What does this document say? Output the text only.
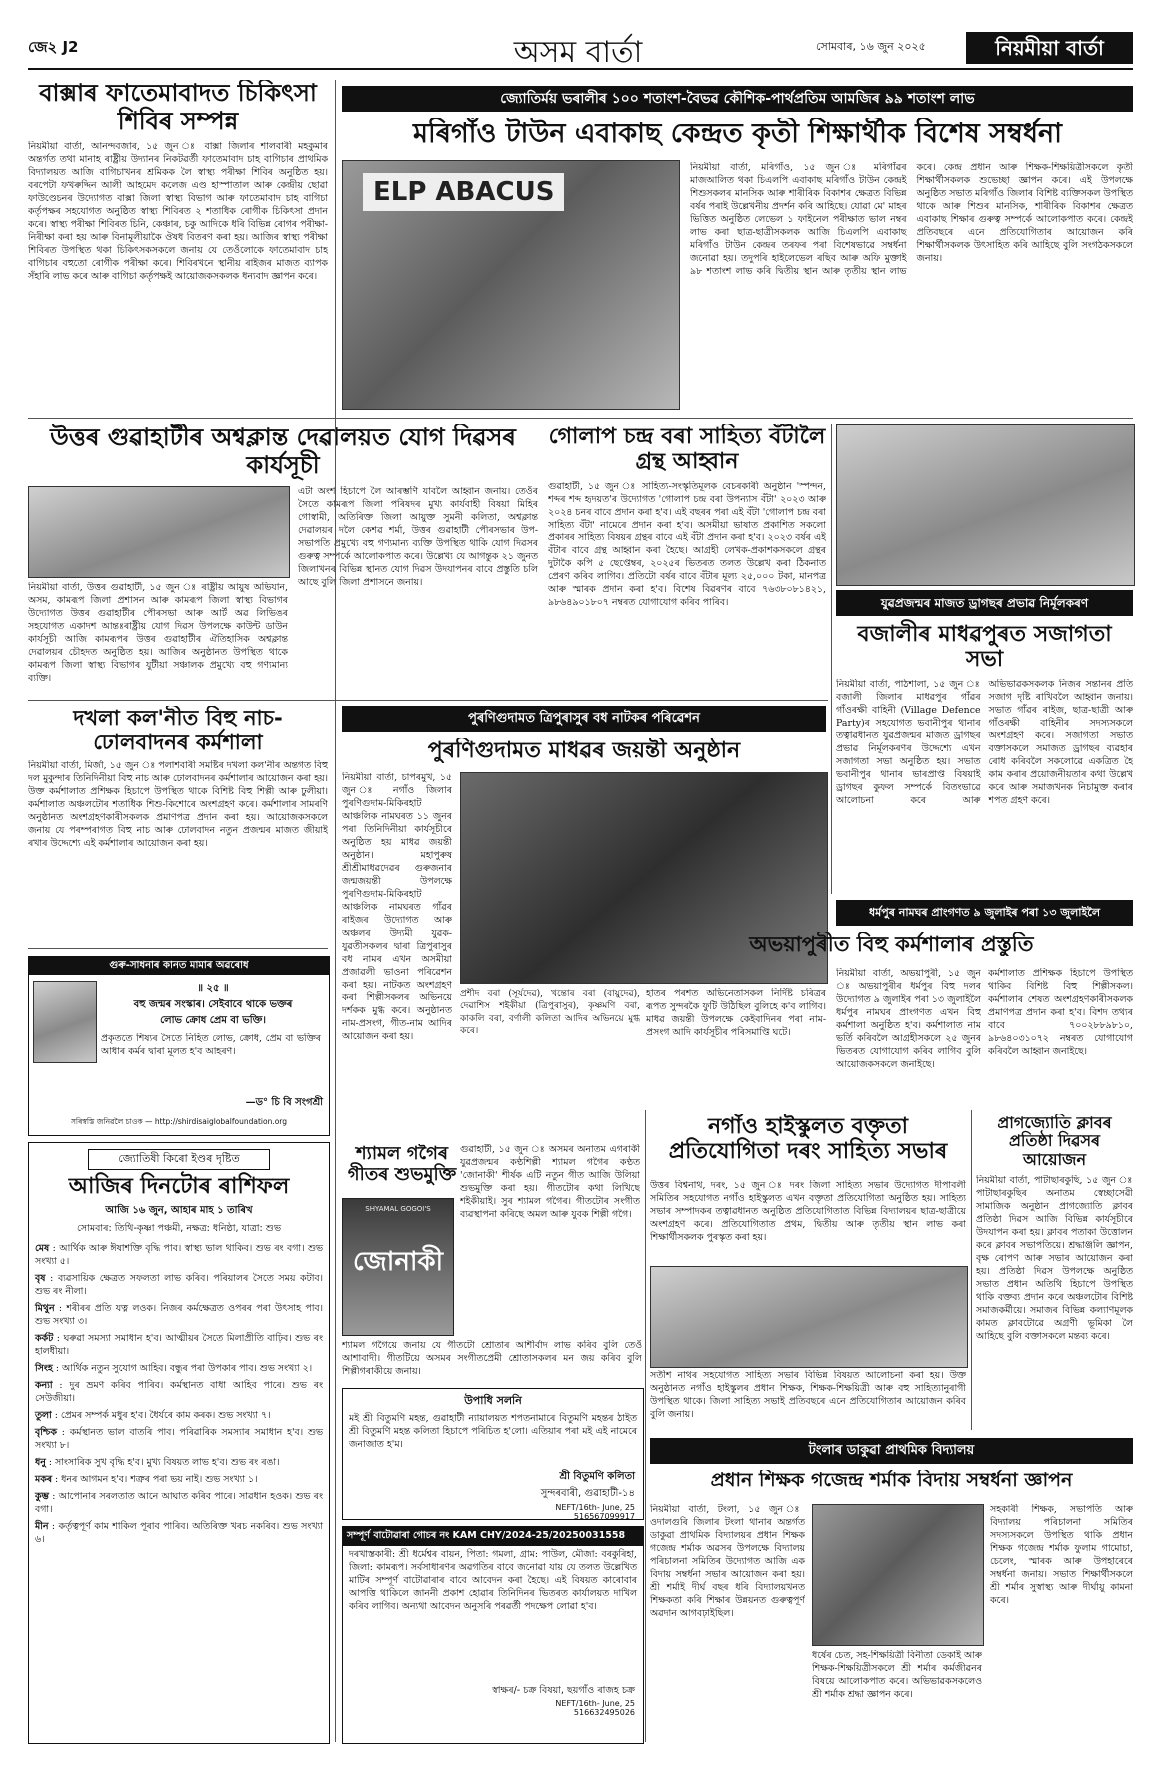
জে২ J2	অসম বাৰ্তা	সোমবাৰ, ১৬ জুন ২০২৫	নিয়মীয়া বাৰ্তা
বাক্সাৰ ফাতেমাবাদত চিকিৎসা শিবিৰ সম্পন্ন
নিয়মীয়া বাৰ্তা, আনন্দবজাৰ, ১৫ জুন ঃ বাক্সা জিলাৰ শালবাৰী মহকুমাৰ অন্তৰ্গত তথা মানাহ ৰাষ্ট্ৰীয় উদ্যানৰ নিকটৱৰ্তী ফাতেমাবাদ চাহ বাগিচাৰ প্ৰাথমিক বিদ্যালয়ত আজি বাগিচাখনৰ শ্ৰমিকক লৈ স্বাস্থ্য পৰীক্ষা শিবিৰ অনুষ্ঠিত হয়। বৰপেটা ফখৰুদ্দিন আলী আহমেদ কলেজ এণ্ড হাস্পাতাল আৰু কেন্দ্ৰীয় ছোৱা ফাউণ্ডেচনৰ উদ্যোগত বাক্সা জিলা স্বাস্থ্য বিভাগ আৰু ফাতেমাবাদ চাহ বাগিচা কৰ্তৃপক্ষৰ সহযোগত অনুষ্ঠিত স্বাস্থ্য শিবিৰত ২ শতাধিক ৰোগীক চিকিৎসা প্ৰদান কৰে। স্বাস্থ্য পৰীক্ষা শিবিৰত চিনি, কেঞ্চাৰ, চকু আদিকে ধৰি বিভিন্ন ৰোগৰ পৰীক্ষা-নিৰীক্ষা কৰা হয় আৰু বিনামূলীয়াকৈ ঔষধ বিতৰণ কৰা হয়। আজিৰ স্বাস্থ্য পৰীক্ষা শিবিৰত উপস্থিত থকা চিকিৎসকসকলে জনায় যে তেওঁলোকে ফাতেমাবাদ চাহ বাগিচাৰ বহুতো ৰোগীক পৰীক্ষা কৰে। শিবিৰখনে স্থানীয় ৰাইজৰ মাজত ব্যাপক সঁহাৰি লাভ কৰে আৰু বাগিচা কৰ্তৃপক্ষই আয়োজকসকলক ধন্যবাদ জ্ঞাপন কৰে।
জ্যোতিৰ্ময় ভৰালীৰ ১০০ শতাংশ-বৈভৱ কৌশিক-পাৰ্থপ্ৰতিম আমজিৰ ৯৯ শতাংশ লাভ
মৰিগাঁও টাউন এবাকাছ কেন্দ্ৰত কৃতী শিক্ষাৰ্থীক বিশেষ সম্বৰ্ধনা
ELP ABACUS
নিয়মীয়া বাৰ্তা, মৰিগাঁও, ১৫ জুন ঃ মৰিগাঁৱৰ মাজআলিত থকা চিএলপি এবাকাছ মৰিগাঁও টাউন কেন্দ্ৰই শিশুসকলৰ মানসিক আৰু শাৰীৰিক বিকাশৰ ক্ষেত্ৰত বিভিন্ন বৰ্ষৰ পৰাই উল্লেখনীয় প্ৰদৰ্শন কৰি আহিছে। যোৱা মে' মাহৰ ভিত্তিত অনুষ্ঠিত লেভেল ১ ফাইনেল পৰীক্ষাত ভাল নম্বৰ লাভ কৰা ছাত্ৰ-ছাত্ৰীসকলক আজি চিএলপি এবাকাছ মৰিগাঁও টাউন কেন্দ্ৰৰ তৰফৰ পৰা বিশেষভাৱে সম্বৰ্ধনা জনোৱা হয়। তদুপৰি হাইলেভেল ৰছিব আৰু অফি মুক্তাই ৯৮ শতাংশ লাভ কৰি দ্বিতীয় স্থান আৰু তৃতীয় স্থান লাভ কৰে। কেন্দ্ৰ প্ৰধান আৰু শিক্ষক-শিক্ষয়িত্ৰীসকলে কৃতী শিক্ষাৰ্থীসকলক শুভেচ্ছা জ্ঞাপন কৰে। এই উপলক্ষে অনুষ্ঠিত সভাত মৰিগাঁও জিলাৰ বিশিষ্ট ব্যক্তিসকল উপস্থিত থাকে আৰু শিশুৰ মানসিক, শাৰীৰিক বিকাশৰ ক্ষেত্ৰত এবাকাছ শিক্ষাৰ গুৰুত্ব সম্পৰ্কে আলোকপাত কৰে। কেন্দ্ৰই প্ৰতিবছৰে এনে প্ৰতিযোগিতাৰ আয়োজন কৰি শিক্ষাৰ্থীসকলক উৎসাহিত কৰি আহিছে বুলি সংগঠকসকলে জনায়।
উত্তৰ গুৱাহাটীৰ অশ্বক্লান্ত দেৱালয়ত যোগ দিৱসৰ কাৰ্যসূচী
নিয়মীয়া বাৰ্তা, উত্তৰ গুৱাহাটী, ১৫ জুন ঃ ৰাষ্ট্ৰীয় আয়ুষ অভিযান, অসম, কামৰূপ জিলা প্ৰশাসন আৰু কামৰূপ জিলা স্বাস্থ্য বিভাগৰ উদ্যোগত উত্তৰ গুৱাহাটীৰ পৌৰসভা আৰু আৰ্ট অৱ লিভিঙৰ সহযোগত একাদশ আন্তঃৰাষ্ট্ৰীয় যোগ দিৱস উপলক্ষে কাউন্ট ডাউন কাৰ্যসূচী আজি কামৰূপৰ উত্তৰ গুৱাহাটীৰ ঐতিহাসিক অশ্বক্লান্ত দেৱালয়ৰ চৌহদত অনুষ্ঠিত হয়। আজিৰ অনুষ্ঠানত উপস্থিত থাকে কামৰূপ জিলা স্বাস্থ্য বিভাগৰ যুটীয়া সঞ্চালক প্ৰমুখ্যে বহু গণ্যমান্য ব্যক্তি।
এটা অংশ হিচাপে লৈ আৰম্ভণি যাবলৈ আহ্বান জনায়। তেওঁৰ সৈতে কামৰূপ জিলা পৰিষদৰ মুখ্য কাৰ্যবাহী বিষয়া মিহিৰ গোস্বামী, অতিৰিক্ত জিলা আয়ুক্ত সুমনী কলিতা, অশ্বক্লান্ত দেৱালয়ৰ দলৈ কেশৱ শৰ্মা, উত্তৰ গুৱাহাটী পৌৰসভাৰ উপ-সভাপতি প্ৰমুখ্যে বহু গণ্যমান্য ব্যক্তি উপস্থিত থাকি যোগ দিৱসৰ গুৰুত্ব সম্পৰ্কে আলোকপাত কৰে। উল্লেখ্য যে আগন্তুক ২১ জুনত জিলাখনৰ বিভিন্ন স্থানত যোগ দিৱস উদযাপনৰ বাবে প্ৰস্তুতি চলি আছে বুলি জিলা প্ৰশাসনে জনায়।
গোলাপ চন্দ্ৰ বৰা সাহিত্য বঁটালৈ গ্ৰন্থ আহ্বান
গুৱাহাটী, ১৫ জুন ঃ সাহিত্য-সংস্কৃতিমূলক বেচৰকাৰী অনুষ্ঠান 'স্পন্দন, শব্দৰ শব্দ হৃদয়ত'ৰ উদ্যোগত 'গোলাপ চন্দ্ৰ বৰা উপন্যাস বঁটা' ২০২৩ আৰু ২০২৪ চনৰ বাবে প্ৰদান কৰা হ'ব। এই বছৰৰ পৰা এই বঁটা 'গোলাপ চন্দ্ৰ বৰা সাহিত্য বঁটা' নামেৰে প্ৰদান কৰা হ'ব। অসমীয়া ভাষাত প্ৰকাশিত সকলো প্ৰকাৰৰ সাহিত্য বিষয়ৰ গ্ৰন্থৰ বাবে এই বঁটা প্ৰদান কৰা হ'ব। ২০২৩ বৰ্ষৰ এই বঁটাৰ বাবে গ্ৰন্থ আহ্বান কৰা হৈছে। আগ্ৰহী লেখক-প্ৰকাশকসকলে গ্ৰন্থৰ দুটাকৈ কপি ৫ ছেপ্তেম্বৰ, ২০২৫ৰ ভিতৰত তলত উল্লেখ কৰা ঠিকনাত প্ৰেৰণ কৰিব লাগিব। প্ৰতিটো বৰ্ষৰ বাবে বঁটাৰ মূল্য ২৫,০০০ টকা, মানপত্ৰ আৰু স্মাৰক প্ৰদান কৰা হ'ব। বিশেষ বিৱৰণৰ বাবে ৭৬৩৮০৮১৪২১, ৯৮৬৪৯০১৮০৭ নম্বৰত যোগাযোগ কৰিব পাৰিব।	যুৱপ্ৰজন্মৰ মাজত ড্ৰাগছৰ প্ৰভাৱ নিৰ্মূলকৰণ
বজালীৰ মাধৱপুৰত সজাগতা সভা
নিয়মীয়া বাৰ্তা, পাঠশালা, ১৫ জুন ঃ বজালী জিলাৰ মাধৱপুৰ গাঁৱৰ গাঁওৰক্ষী বাহিনী (Village Defence Party)ৰ সহযোগত ভবানীপুৰ থানাৰ তত্বাৱধানত যুৱপ্ৰজন্মৰ মাজত ড্ৰাগছৰ প্ৰভাৱ নিৰ্মূলকৰণৰ উদ্দেশ্যে এখন সজাগতা সভা অনুষ্ঠিত হয়। সভাত ভবানীপুৰ থানাৰ ভাৰপ্ৰাপ্ত বিষয়াই ড্ৰাগছৰ কুফল সম্পৰ্কে বিতংভাৱে আলোচনা কৰে আৰু অভিভাৱকসকলক নিজৰ সন্তানৰ প্ৰতি সজাগ দৃষ্টি ৰাখিবলৈ আহ্বান জনায়। সভাত গাঁৱৰ ৰাইজ, ছাত্ৰ-ছাত্ৰী আৰু গাঁওৰক্ষী বাহিনীৰ সদস্যসকলে অংশগ্ৰহণ কৰে। সজাগতা সভাত বক্তাসকলে সমাজত ড্ৰাগছৰ ব্যৱহাৰ ৰোধ কৰিবলৈ সকলোৱে একত্ৰিত হৈ কাম কৰাৰ প্ৰয়োজনীয়তাৰ কথা উল্লেখ কৰে আৰু সমাজখনক নিচামুক্ত কৰাৰ শপত গ্ৰহণ কৰে।
দখলা কল'নীত বিহু নাচ-ঢোলবাদনৰ কৰ্মশালা
নিয়মীয়া বাৰ্তা, মিৰ্জা, ১৫ জুন ঃ পলাশবাৰী সমষ্টিৰ দখলা কল'নীৰ অন্তগত বিহু দল মুকুন্দাৰ তিনিদিনীয়া বিহু নাচ আৰু ঢোলবাদনৰ কৰ্মশালাৰ আয়োজন কৰা হয়। উক্ত কৰ্মশালাত প্ৰশিক্ষক হিচাপে উপস্থিত থাকে বিশিষ্ট বিহু শিল্পী আৰু ঢুলীয়া। কৰ্মশালাত অঞ্চলটোৰ শতাধিক শিশু-কিশোৰে অংশগ্ৰহণ কৰে। কৰ্মশালাৰ সামৰণি অনুষ্ঠানত অংশগ্ৰহণকাৰীসকলক প্ৰমাণপত্ৰ প্ৰদান কৰা হয়। আয়োজকসকলে জনায় যে পৰম্পৰাগত বিহু নাচ আৰু ঢোলবাদন নতুন প্ৰজন্মৰ মাজত জীয়াই ৰখাৰ উদ্দেশ্যে এই কৰ্মশালাৰ আয়োজন কৰা হয়।
পুৰণিগুদামত ত্ৰিপুৰাসুৰ বধ নাটকৰ পৰিৱেশন
পুৰণিগুদামত মাধৱৰ জয়ন্তী অনুষ্ঠান
নিয়মীয়া বাৰ্তা, চাপৰমুখ, ১৫ জুন ঃ নগাঁও জিলাৰ পুৰণিগুদাম-মিকিৰহাট আঞ্চলিক নামঘৰত ১১ জুনৰ পৰা তিনিদিনীয়া কাৰ্যসূচীৰে অনুষ্ঠিত হয় মাধৱ জয়ন্তী অনুষ্ঠান। মহাপুৰুষ শ্ৰীশ্ৰীমাধৱদেৱৰ গুৰুজনাৰ জন্মজয়ন্তী উপলক্ষে পুৰণিগুদাম-মিকিৰহাট আঞ্চলিক নামঘৰত গাঁৱৰ ৰাইজৰ উদ্যোগত আৰু অঞ্চলৰ উদ্যমী যুৱক-যুৱতীসকলৰ দ্বাৰা ত্ৰিপুৰাসুৰ বধ নামৰ এখন অসমীয়া প্ৰজাৱলী ভাওনা পৰিৱেশন কৰা হয়। নাটকত অংশগ্ৰহণ কৰা শিল্পীসকলৰ অভিনয়ে দৰ্শকক মুগ্ধ কৰে। অনুষ্ঠানত নাম-প্ৰসংগ, গীত-নাম আদিৰ আয়োজন কৰা হয়।
প্ৰশীদ বৰা (সূৰ্যদেৱ), খন্তোৰ বৰা (বায়ুদেৱ), দেৱাশিস শইকীয়া (ত্ৰিপুৰাসুৰ), কৃষ্ণমণি বৰা, কাকলি বৰা, বৰ্ণালী কলিতা আদিৰ অভিনয়ে মুগ্ধ কৰে।
হাতৰ পৰশত অভিনেতাসকল নিৰ্দিষ্ট চৰিত্ৰৰ ৰূপত সুন্দৰকৈ ফুটি উঠিছিল বুলিহে ক'ব লাগিব। মাধৱ জয়ন্তী উপলক্ষে কেইবাদিনৰ পৰা নাম-প্ৰসংগ আদি কাৰ্যসূচীৰ পৰিসমাপ্তি ঘটে।
ধৰ্মপুৰ নামঘৰ প্ৰাংগণত ৯ জুলাইৰ পৰা ১৩ জুলাইলৈ
অভয়াপুৰীত বিহু কৰ্মশালাৰ প্ৰস্তুতি
নিয়মীয়া বাৰ্তা, অভয়াপুৰী, ১৫ জুন ঃ অভয়াপুৰীৰ ধৰ্মপুৰ বিহু দলৰ উদ্যোগত ৯ জুলাইৰ পৰা ১৩ জুলাইলৈ ধৰ্মপুৰ নামঘৰ প্ৰাংগণত এখন বিহু কৰ্মশালা অনুষ্ঠিত হ'ব। কৰ্মশালাত নাম ভৰ্তি কৰিবলৈ আগ্ৰহীসকলে ২৫ জুনৰ ভিতৰত যোগাযোগ কৰিব লাগিব বুলি আয়োজকসকলে জনাইছে।
কৰ্মশালাত প্ৰশিক্ষক হিচাপে উপস্থিত থাকিব বিশিষ্ট বিহু শিল্পীসকল। কৰ্মশালাৰ শেষত অংশগ্ৰহণকাৰীসকলক প্ৰমাণপত্ৰ প্ৰদান কৰা হ'ব। বিশদ তথ্যৰ বাবে ৭০০২৮৮৯৮১০, ৯৮৬৪০৩১০৭২ নম্বৰত যোগাযোগ কৰিবলৈ আহ্বান জনাইছে।
গুৰু-সাধনাৰ কানত মামাৰ অৱৰোধ
॥ ২৫ ॥
বহু জন্মৰ সংস্কাৰ। সেইবাবে থাকে ভক্তৰ
লোভ ক্ৰোধ প্ৰেম বা ভক্তি।
প্ৰকৃততে শিষ্যৰ সৈতে নিহিত লোভ, ক্ৰোধ, প্ৰেম বা ভক্তিৰ আধাৰ কৰ্মৰ দ্বাৰা মূলত হ'ব আহৰণ।
—ড° চি বি সংগশ্ৰী
সৰিস্বস্তি জনিৱলৈ চাওক — http://shirdisaiglobalfoundation.org
জ্যোতিষী কিৰো ইণ্ডৰ দৃষ্টিত
আজিৰ দিনটোৰ ৰাশিফল
আজি ১৬ জুন, আহাৰ মাহ ১ তাৰিখ
সোমবাৰ: তিথি-কৃষ্ণা পঞ্চমী, নক্ষত্ৰ: ধনিষ্ঠা, যাত্ৰা: শুভ

মেষ : আৰ্থিক আৰু ঈষাশক্তি বৃদ্ধি পাব। স্বাস্থ্য ভাল থাকিব। শুভ ৰং বগা। শুভ সংখ্যা ৫।

বৃষ : ব্যৱসায়িক ক্ষেত্ৰত সফলতা লাভ কৰিব। পৰিয়ালৰ সৈতে সময় কটাব। শুভ ৰং নীলা।

মিথুন : শৰীৰৰ প্ৰতি যত্ন লওক। নিজৰ কৰ্মক্ষেত্ৰত ওপৰৰ পৰা উৎসাহ পাব। শুভ সংখ্যা ৩।

কৰ্কট : ঘৰুৱা সমস্যা সমাধান হ'ব। আত্মীয়ৰ সৈতে মিলাপ্ৰীতি বাঢ়িব। শুভ ৰং হালধীয়া।

সিংহ : আৰ্থিক নতুন সুযোগ আহিব। বন্ধুৰ পৰা উপকাৰ পাব। শুভ সংখ্যা ২।

কন্যা : দুৰ ভ্ৰমণ কৰিব পাৰিব। কৰ্মস্থানত বাধা আহিব পাৰে। শুভ ৰং সেউজীয়া।

তুলা : প্ৰেমৰ সম্পৰ্ক মধুৰ হ'ব। ধৈৰ্যৰে কাম কৰক। শুভ সংখ্যা ৭।

বৃশ্চিক : কৰ্মস্থানত ভাল বাতৰি পাব। পৰিৱাৰিক সমস্যাৰ সমাধান হ'ব। শুভ সংখ্যা ৮।

ধনু : সাংসাৰিক সুখ বৃদ্ধি হ'ব। মুখ্য বিষয়ত লাভ হ'ব। শুভ ৰং ৰঙা।

মকৰ : ধনৰ আগমন হ'ব। শত্ৰুৰ পৰা ভয় নাই। শুভ সংখ্যা ১।

কুম্ভ : আপোনাৰ সৰলতাত আনে আঘাত কৰিব পাৰে। সাৱধান হওক। শুভ ৰং বগা।

মীন : কৰ্তৃত্বপূৰ্ণ কাম শাকিল পূৰাব পাৰিব। অতিৰিক্ত খৰচ নকৰিব। শুভ সংখ্যা ৬।

শ্যামল গগৈৰ গীতৰ শুভমুক্তি
SHYAMAL GOGOI'S
জোনাকী
গুৱাহাটী, ১৫ জুন ঃ অসমৰ অনাতম এগৰাকী যুৱপ্ৰজন্মৰ কণ্ঠশিল্পী শ্যামল গগৈৰ কণ্ঠত 'জোনাকী' শীৰ্ষক এটি নতুন গীত আজি উলিয়া শুভমুক্তি কৰা হয়। গীতটোৰ কথা লিখিছে শইকীয়াই। সুৰ শ্যামল গগৈৰ। গীতটোৰ সংগীত ব্যৱস্থাপনা কৰিছে অমল আৰু যুবক শিল্পী গগৈ।
শ্যামল গগৈয়ে জনায় যে গীতটো শ্ৰোতাৰ আশীৰ্বাদ লাভ কৰিব বুলি তেওঁ আশাবাদী। গীতটিয়ে অসমৰ সংগীতপ্ৰেমী শ্ৰোতাসকলৰ মন জয় কৰিব বুলি শিল্পীগৰাকীয়ে জনায়।
নগাঁও হাইস্কুলত বক্তৃতা প্ৰতিযোগিতা দৰং সাহিত্য সভাৰ
উত্তৰ বিশ্বনাথ, দৰং, ১৫ জুন ঃ দৰং জিলা সাহিত্য সভাৰ উদ্যোগত দীপাবলী সমিতিৰ সহযোগত নগাঁও হাইস্কুলত এখন বক্তৃতা প্ৰতিযোগিতা অনুষ্ঠিত হয়। সাহিত্য সভাৰ সম্পাদকৰ তত্বাৱধানত অনুষ্ঠিত প্ৰতিযোগিতাত বিভিন্ন বিদ্যালয়ৰ ছাত্ৰ-ছাত্ৰীয়ে অংশগ্ৰহণ কৰে। প্ৰতিযোগিতাত প্ৰথম, দ্বিতীয় আৰু তৃতীয় স্থান লাভ কৰা শিক্ষাৰ্থীসকলক পুৰস্কৃত কৰা হয়।
সতীশ নাথৰ সহযোগত সাহিত্য সভাৰ বিভিন্ন বিষয়ত আলোচনা কৰা হয়। উক্ত অনুষ্ঠানত নগাঁও হাইস্কুলৰ প্ৰধান শিক্ষক, শিক্ষক-শিক্ষয়িত্ৰী আৰু বহু সাহিত্যানুৰাগী উপস্থিত থাকে। জিলা সাহিত্য সভাই প্ৰতিবছৰে এনে প্ৰতিযোগিতাৰ আয়োজন কৰিব বুলি জনায়।
প্ৰাগজ্যোতি ক্লাবৰ প্ৰতিষ্ঠা দিৱসৰ আয়োজন
নিয়মীয়া বাৰ্তা, পাটাছাৰকুছি, ১৫ জুন ঃ পাটাছাৰকুছিৰ অনাতম স্বেচ্ছাসেৱী সামাজিক অনুষ্ঠান প্ৰাগজ্যোতি ক্লাবৰ প্ৰতিষ্ঠা দিৱস আজি বিভিন্ন কাৰ্যসূচীৰে উদযাপন কৰা হয়। ক্লাবৰ পতাকা উত্তোলন কৰে ক্লাবৰ সভাপতিয়ে। শ্ৰদ্ধাঞ্জলি জ্ঞাপন, বৃক্ষ ৰোপণ আৰু সভাৰ আয়োজন কৰা হয়। প্ৰতিষ্ঠা দিৱস উপলক্ষে অনুষ্ঠিত সভাত প্ৰধান অতিথি হিচাপে উপস্থিত থাকি বক্তব্য প্ৰদান কৰে অঞ্চলটোৰ বিশিষ্ট সমাজকৰ্মীয়ে। সমাজৰ বিভিন্ন কল্যাণমূলক কামত ক্লাবটোৱে অগ্ৰণী ভূমিকা লৈ আহিছে বুলি বক্তাসকলে মন্তব্য কৰে।
উপাধি সলনি
মই শ্ৰী বিতুমণি মহন্ত, গুৱাহাটী ন্যায়ালয়ত শপতনামাৰে বিতুমণি মহন্তৰ ঠাইত শ্ৰী বিতুমণি মহন্ত কলিতা হিচাপে পৰিচিত হ'লো। এতিয়াৰ পৰা মই এই নামেৰে জনাজাত হ'ম।
শ্ৰী বিতুমণি কলিতা
সুন্দৰবাৰী, গুৱাহাটী-১৪
NEFT/16th- June, 25
516567099917
সম্পূৰ্ণ বাটোৱাৰা গোচৰ নং KAM CHY/2024-25/20250031558
দৰখাস্তকাৰী: শ্ৰী ধৰ্মেশ্বৰ বায়ন, পিতা: গমলা, গ্ৰাম: পাউল, মৌজা: বৰকুৰিহা, জিলা: কামৰূপ। সৰ্বসাধাৰণৰ অৱগতিৰ বাবে জনোৱা যায় যে তলত উল্লেখিত মাটিৰ সম্পূৰ্ণ বাটোৱাৰাৰ বাবে আবেদন কৰা হৈছে। এই বিষয়ত কাৰোবাৰ আপত্তি থাকিলে জাননী প্ৰকাশ হোৱাৰ তিনিদিনৰ ভিতৰত কাৰ্যালয়ত দাখিল কৰিব লাগিব। অন্যথা আবেদন অনুসৰি পৰৱৰ্তী পদক্ষেপ লোৱা হ'ব।
স্বাক্ষৰ/- চক্ৰ বিষয়া, ছয়গাঁও ৰাজহ চক্ৰ
NEFT/16th- June, 25
516632495026
টংলাৰ ডাকুৱা প্ৰাথমিক বিদ্যালয়
প্ৰধান শিক্ষক গজেন্দ্ৰ শৰ্মাক বিদায় সম্বৰ্ধনা জ্ঞাপন
নিয়মীয়া বাৰ্তা, টংলা, ১৫ জুন ঃ ওদালগুৰি জিলাৰ টংলা থানাৰ অন্তৰ্গত ডাকুৱা প্ৰাথমিক বিদ্যালয়ৰ প্ৰধান শিক্ষক গজেন্দ্ৰ শৰ্মাক অৱসৰ উপলক্ষে বিদ্যালয় পৰিচালনা সমিতিৰ উদ্যোগত আজি এক বিদায় সম্বৰ্ধনা সভাৰ আয়োজন কৰা হয়। শ্ৰী শৰ্মাই দীৰ্ঘ বছৰ ধৰি বিদ্যালয়খনত শিক্ষকতা কৰি শিক্ষাৰ উন্নয়নত গুৰুত্বপূৰ্ণ অৱদান আগবঢ়াইছিল।
ধৰ্ষেৰ চেত, সহ-শিক্ষয়িত্ৰী বিনীতা ডেকাই আৰু শিক্ষক-শিক্ষয়িত্ৰীসকলে শ্ৰী শৰ্মাৰ কৰ্মজীৱনৰ বিষয়ে আলোকপাত কৰে। অভিভাৱকসকলেও শ্ৰী শৰ্মাক শ্ৰদ্ধা জ্ঞাপন কৰে।
সহকাৰী শিক্ষক, সভাপতি আৰু বিদ্যালয় পৰিচালনা সমিতিৰ সদস্যসকলে উপস্থিত থাকি প্ৰধান শিক্ষক গজেন্দ্ৰ শৰ্মাক ফুলাম গামোচা, চেলেং, স্মাৰক আৰু উপহাৰেৰে সম্বৰ্ধনা জনায়। সভাত শিক্ষাৰ্থীসকলে শ্ৰী শৰ্মাৰ সুস্বাস্থ্য আৰু দীৰ্ঘায়ু কামনা কৰে।
